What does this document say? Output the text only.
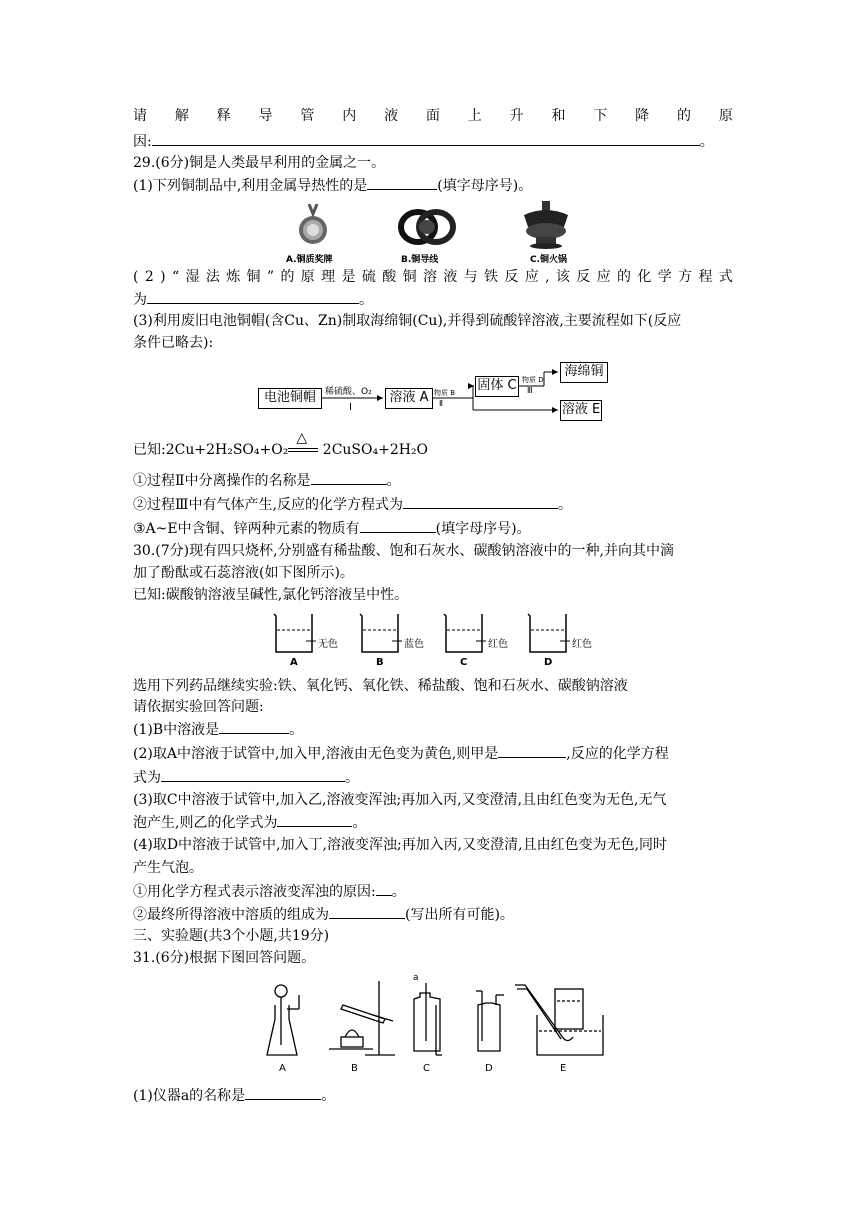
请 解 释 导 管 内 液 面 上 升 和 下 降 的 原
因:	。
29.(6分)铜是人类最早利用的金属之一。
(1)下列铜制品中,利用金属导热性的是	(填字母序号)。
A.铜质奖牌	B.铜导线	C.铜火锅
( 2 ) “ 湿 法 炼 铜 ” 的 原 理 是 硫 酸 铜 溶 液 与 铁 反 应 , 该 反 应 的 化 学 方 程 式
为	。
(3)利用废旧电池铜帽(含Cu、Zn)制取海绵铜(Cu),并得到硫酸锌溶液,主要流程如下(反应
条件已略去):
电池铜帽	稀硫酸、O₂
Ⅰ
溶液 A 物质 B
Ⅱ
固体 C 物质 D
Ⅲ
海绵铜
溶液 E
已知:2Cu+2H₂SO₄+O₂
△
2CuSO₄+2H₂O
①过程Ⅱ中分离操作的名称是	。
②过程Ⅲ中有气体产生,反应的化学方程式为	。
③A~E中含铜、锌两种元素的物质有	(填字母序号)。
30.(7分)现有四只烧杯,分别盛有稀盐酸、饱和石灰水、碳酸钠溶液中的一种,并向其中滴
加了酚酞或石蕊溶液(如下图所示)。
已知:碳酸钠溶液呈碱性,氯化钙溶液呈中性。
无色	蓝色	红色	红色
A	B	C	D
选用下列药品继续实验:铁、氧化钙、氧化铁、稀盐酸、饱和石灰水、碳酸钠溶液
请依据实验回答问题:
(1)B中溶液是	。
(2)取A中溶液于试管中,加入甲,溶液由无色变为黄色,则甲是	,反应的化学方程
式为	。
(3)取C中溶液于试管中,加入乙,溶液变浑浊;再加入丙,又变澄清,且由红色变为无色,无气
泡产生,则乙的化学式为	。
(4)取D中溶液于试管中,加入丁,溶液变浑浊;再加入丙,又变澄清,且由红色变为无色,同时
产生气泡。
①用化学方程式表示溶液变浑浊的原因: 。
②最终所得溶液中溶质的组成为	(写出所有可能)。
三、实验题(共3个小题,共19分)
31.(6分)根据下图回答问题。
a
A	B	C	D	E
(1)仪器a的名称是	。
